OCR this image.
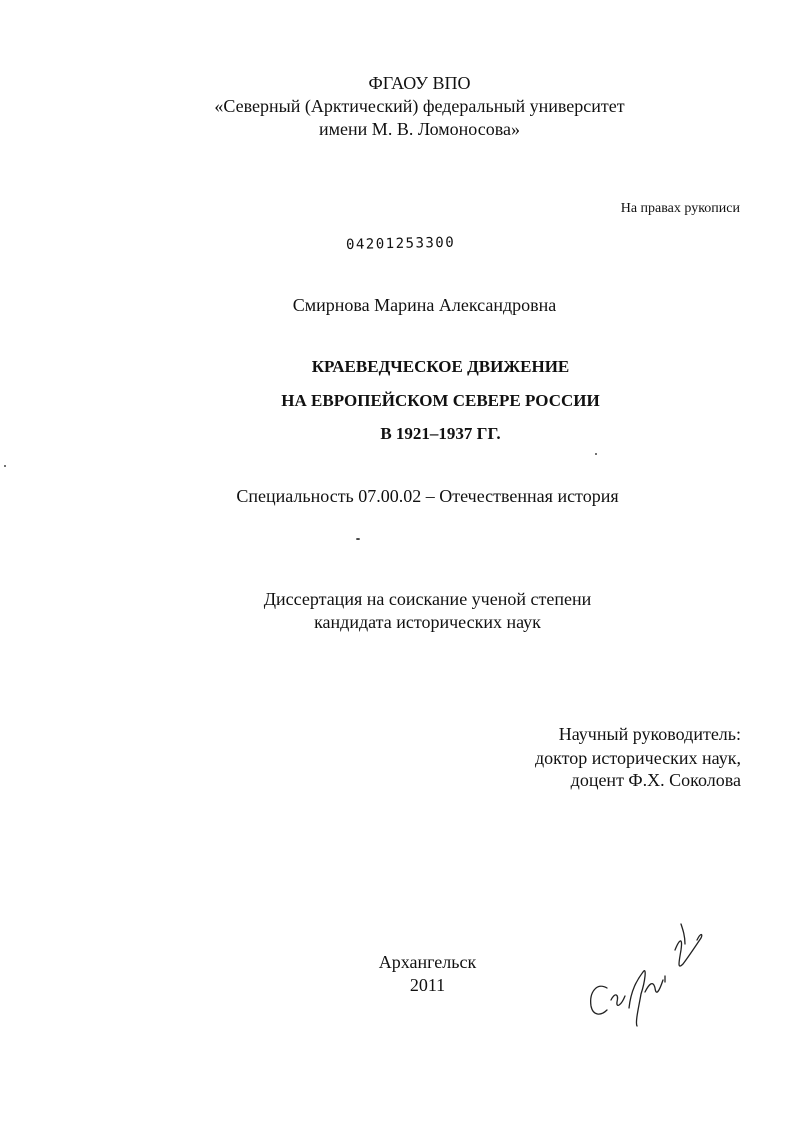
ФГАОУ ВПО
«Северный (Арктический) федеральный университет
имени М. В. Ломоносова»
На правах рукописи
04201253300
Смирнова Марина Александровна
КРАЕВЕДЧЕСКОЕ ДВИЖЕНИЕ
НА ЕВРОПЕЙСКОМ СЕВЕРЕ РОССИИ
В 1921–1937 ГГ.
Специальность 07.00.02 – Отечественная история
Диссертация на соискание ученой степени
кандидата исторических наук
Научный руководитель:
доктор исторических наук,
доцент Ф.Х. Соколова
Архангельск
2011
